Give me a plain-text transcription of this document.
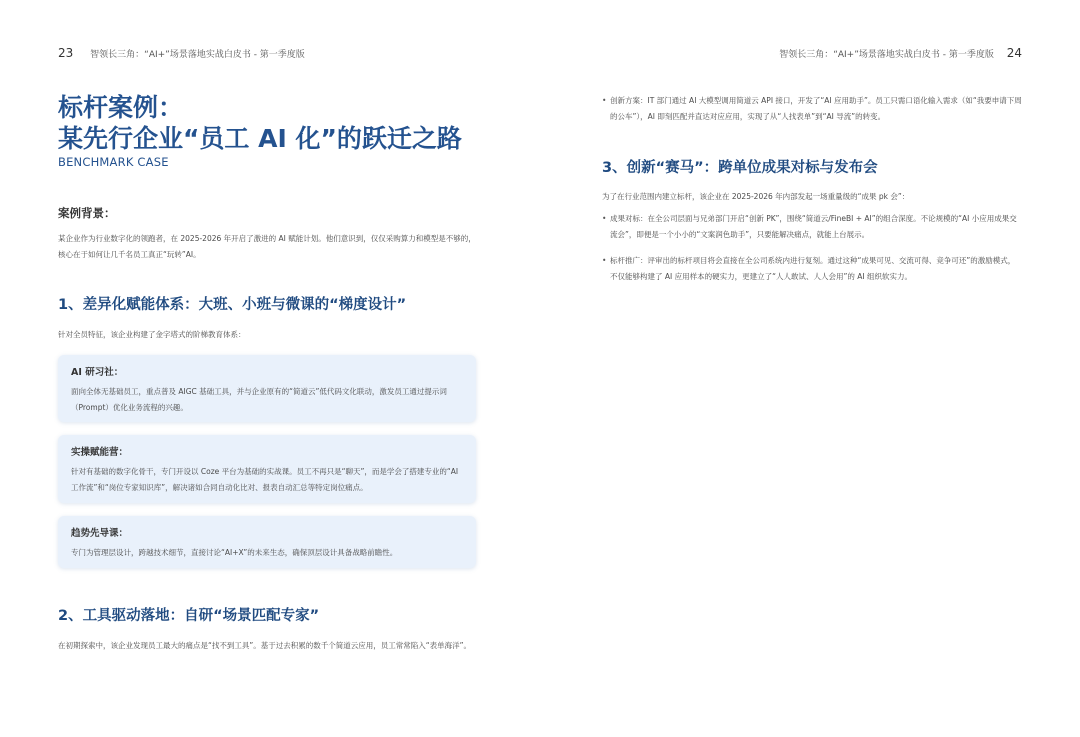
23 智领长三角：“AI+”场景落地实战白皮书 - 第一季度版
标杆案例：
某先行企业“员工 AI 化”的跃迁之路
BENCHMARK CASE
案例背景：
某企业作为行业数字化的领跑者，在 2025-2026 年开启了激进的 AI 赋能计划。他们意识到，仅仅采购算力和模型是不够的，核心在于如何让几千名员工真正“玩转”AI。
1、差异化赋能体系：大班、小班与微课的“梯度设计”
针对全员特征，该企业构建了金字塔式的阶梯教育体系：
AI 研习社：
面向全体无基础员工，重点普及 AIGC 基础工具，并与企业原有的“简道云”低代码文化联动，激发员工通过提示词（Prompt）优化业务流程的兴趣。
实操赋能营：
针对有基础的数字化骨干，专门开设以 Coze 平台为基础的实战课。员工不再只是“聊天”，而是学会了搭建专业的“AI 工作流”和“岗位专家知识库”，解决诸如合同自动化比对、报表自动汇总等特定岗位痛点。
趋势先导课：
专门为管理层设计，跨越技术细节，直接讨论“AI+X”的未来生态，确保顶层设计具备战略前瞻性。
2、工具驱动落地：自研“场景匹配专家”
在初期探索中，该企业发现员工最大的痛点是“找不到工具”。基于过去积累的数千个简道云应用，员工常常陷入“表单海洋”。
智领长三角：“AI+”场景落地实战白皮书 - 第一季度版 24
• 创新方案：IT 部门通过 AI 大模型调用简道云 API 接口，开发了“AI 应用助手”。员工只需口语化输入需求（如“我要申请下周的公车”），AI 即刻匹配并直达对应应用，实现了从“人找表单”到“AI 导流”的转变。
3、创新“赛马”：跨单位成果对标与发布会
为了在行业范围内建立标杆，该企业在 2025-2026 年内部发起一场重量级的“成果 pk 会”：
• 成果对标：在全公司层面与兄弟部门开启“创新 PK”，围绕“简道云/FineBI + AI”的组合深度。不论规模的“AI 小应用成果交流会”，即便是一个小小的“文案润色助手”，只要能解决痛点，就能上台展示。
• 标杆推广：评审出的标杆项目将会直接在全公司系统内进行复刻。通过这种“成果可见、交流可得、竞争可还”的激励模式，不仅能够构建了 AI 应用样本的硬实力，更建立了“人人敢试、人人会用”的 AI 组织软实力。
